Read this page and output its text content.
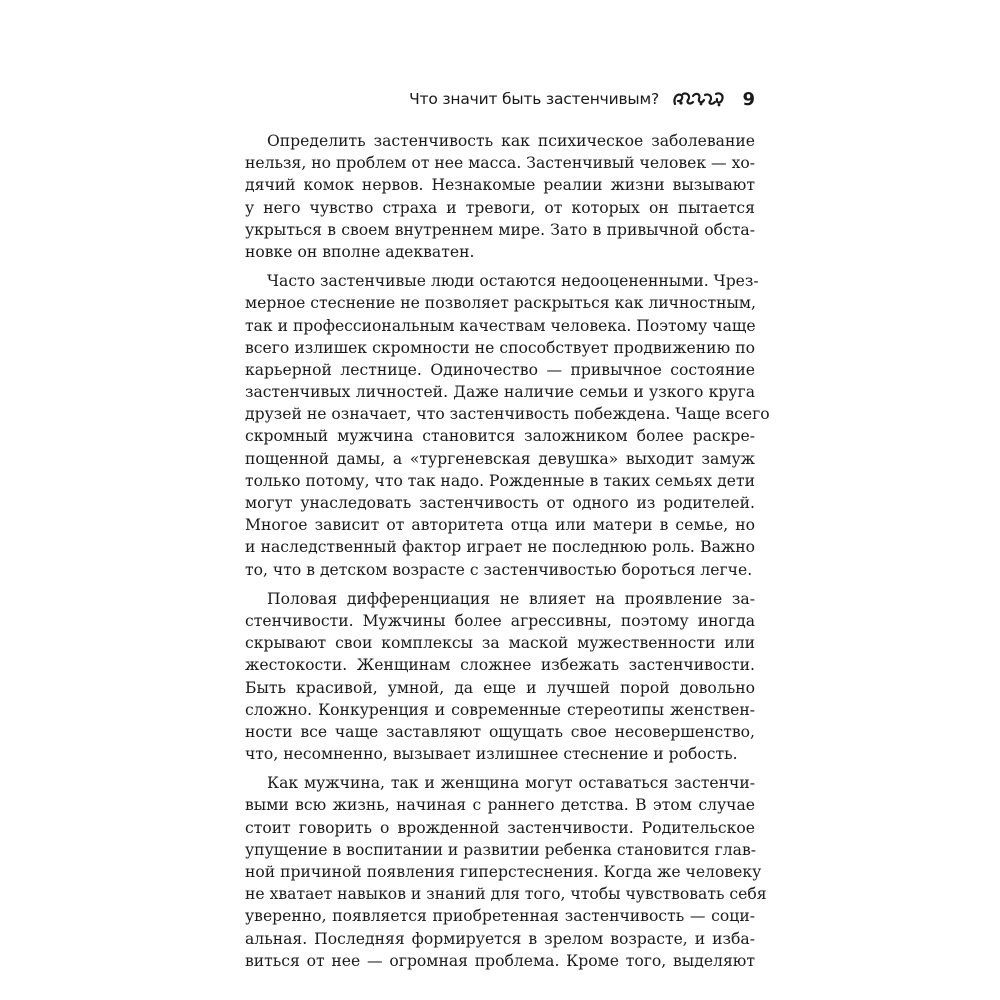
Что значит быть застенчивым?	9
Определить застенчивость как психическое заболевание
нельзя, но проблем от нее масса. Застенчивый человек — хо-
дячий комок нервов. Незнакомые реалии жизни вызывают
у него чувство страха и тревоги, от которых он пытается
укрыться в своем внутреннем мире. Зато в привычной обста-
новке он вполне адекватен.
Часто застенчивые люди остаются недооцененными. Чрез-
мерное стеснение не позволяет раскрыться как личностным,
так и профессиональным качествам человека. Поэтому чаще
всего излишек скромности не способствует продвижению по
карьерной лестнице. Одиночество — привычное состояние
застенчивых личностей. Даже наличие семьи и узкого круга
друзей не означает, что застенчивость побеждена. Чаще всего
скромный мужчина становится заложником более раскре-
пощенной дамы, а «тургеневская девушка» выходит замуж
только потому, что так надо. Рожденные в таких семьях дети
могут унаследовать застенчивость от одного из родителей.
Многое зависит от авторитета отца или матери в семье, но
и наследственный фактор играет не последнюю роль. Важно
то, что в детском возрасте с застенчивостью бороться легче.
Половая дифференциация не влияет на проявление за-
стенчивости. Мужчины более агрессивны, поэтому иногда
скрывают свои комплексы за маской мужественности или
жестокости. Женщинам сложнее избежать застенчивости.
Быть красивой, умной, да еще и лучшей порой довольно
сложно. Конкуренция и современные стереотипы женствен-
ности все чаще заставляют ощущать свое несовершенство,
что, несомненно, вызывает излишнее стеснение и робость.
Как мужчина, так и женщина могут оставаться застенчи-
выми всю жизнь, начиная с раннего детства. В этом случае
стоит говорить о врожденной застенчивости. Родительское
упущение в воспитании и развитии ребенка становится глав-
ной причиной появления гиперстеснения. Когда же человеку
не хватает навыков и знаний для того, чтобы чувствовать себя
уверенно, появляется приобретенная застенчивость — соци-
альная. Последняя формируется в зрелом возрасте, и изба-
виться от нее — огромная проблема. Кроме того, выделяют
